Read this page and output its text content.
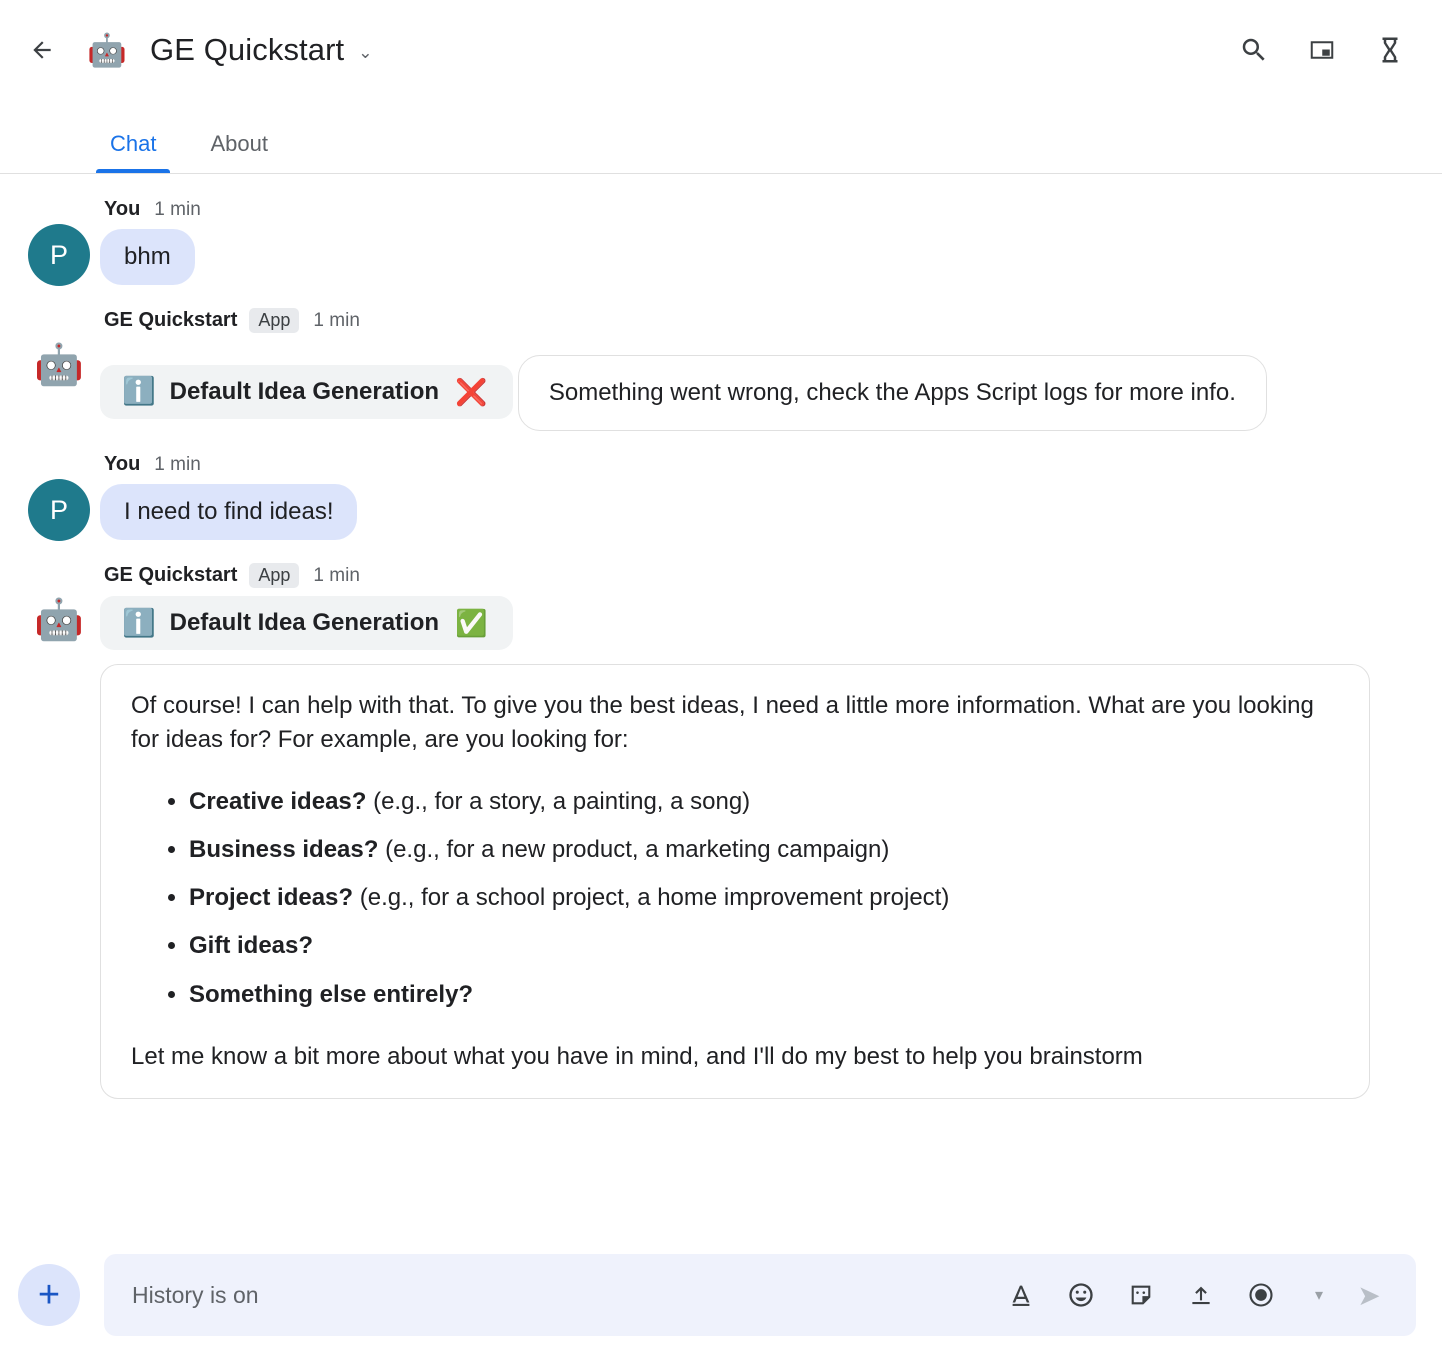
🤖 GE Quickstart ⌄
Chat	About
P
You 1 min
bhm
🤖
GE Quickstart	App	1 min
ℹ️ Default Idea Generation ❌	Something went wrong, check the Apps Script logs for more info.
P
You 1 min
I need to find ideas!
🤖
GE Quickstart	App	1 min
ℹ️ Default Idea Generation ✅

Of course! I can help with that. To give you the best ideas, I need a little more information. What are you looking for ideas for? For example, are you looking for:

• Creative ideas? (e.g., for a story, a painting, a song)
• Business ideas? (e.g., for a new product, a marketing campaign)
• Project ideas? (e.g., for a school project, a home improvement project)
• Gift ideas?
• Something else entirely?

Let me know a bit more about what you have in mind, and I'll do my best to help you brainstorm

+
History is on	▾	➤
